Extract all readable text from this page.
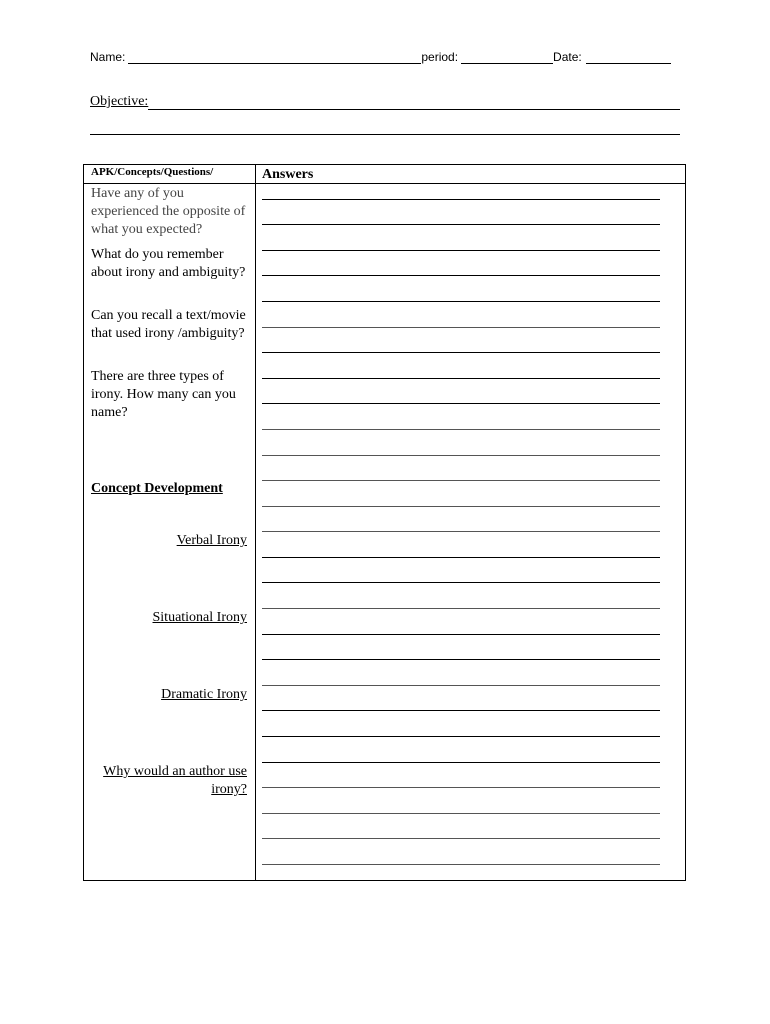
Name:	period:	Date:
Objective:
APK/Concepts/Questions/	Answers
Have any of you experienced the opposite of what you expected?
What do you remember about irony and ambiguity?
Can you recall a text/movie that used irony /ambiguity?
There are three types of irony. How many can you name?
Concept Development
Verbal Irony
Situational Irony
Dramatic Irony
Why would an author use irony?
